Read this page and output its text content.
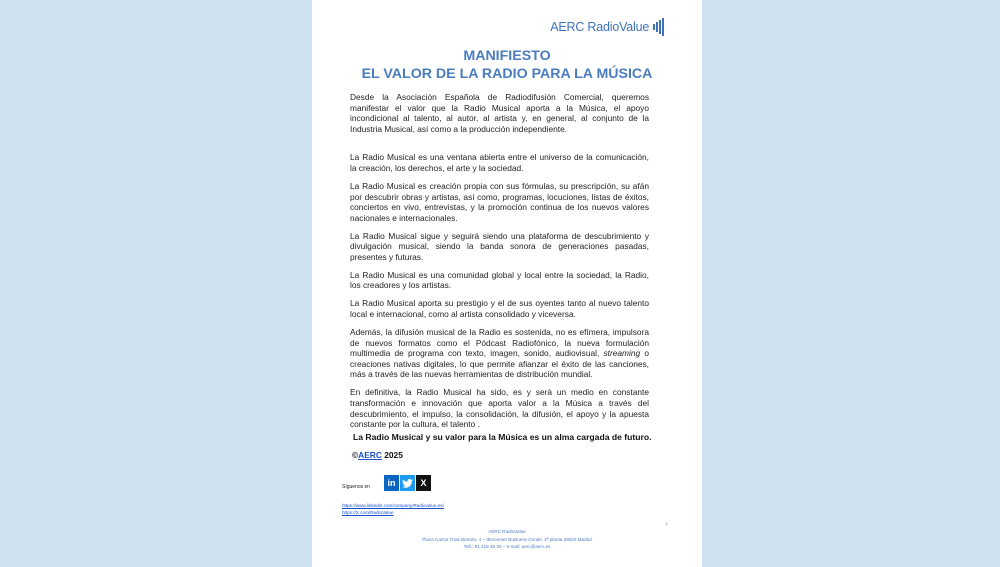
AERC RadioValue
MANIFIESTO
EL VALOR DE LA RADIO PARA LA MÚSICA

Desde la Asociación Española de Radiodifusión Comercial, queremos manifestar el valor que la Radio Musical aporta a la Música, el apoyo incondicional al talento, al autor, al artista y, en general, al conjunto de la Industria Musical, así como a la producción independiente.

La Radio Musical es una ventana abierta entre el universo de la comunicación, la creación, los derechos, el arte y la sociedad.

La Radio Musical es creación propia con sus fórmulas, su prescripción, su afán por descubrir obras y artistas, así como, programas, locuciones, listas de éxitos, conciertos en vivo, entrevistas, y la promoción continua de los nuevos valores nacionales e internacionales.

La Radio Musical sigue y seguirá siendo una plataforma de descubrimiento y divulgación musical, siendo la banda sonora de generaciones pasadas, presentes y futuras.

La Radio Musical es una comunidad global y local entre la sociedad, la Radio, los creadores y los artistas.

La Radio Musical aporta su prestigio y el de sus oyentes tanto al nuevo talento local e internacional, como al artista consolidado y viceversa.

Además, la difusión musical de la Radio es sostenida, no es efímera, impulsora de nuevos formatos como el Pódcast Radiofónico, la nueva formulación multimedia de programa con texto, imagen, sonido, audiovisual, streaming o creaciones nativas digitales, lo que permite afianzar el éxito de las canciones, más a través de las nuevas herramientas de distribución mundial.

En definitiva, la Radio Musical ha sido, es y será un medio en constante transformación e innovación que aporta valor a la Música a través del descubrimiento, el impulso, la consolidación, la difusión, el apoyo y la apuesta constante por la cultura, el talento .

La Radio Musical y su valor para la Música es un alma cargada de futuro.
©AERC 2025
Síguenos en in	X
https://www.linkedin.com/company/Radiovalue.es/
https://X.com/RadioValue
1
AERC RadioValue
Plaza Carlos Trías Bertrán, 4 – Ibercenter Business Center, 2ª planta 28020 Madrid
Telf.: 91 418 45 20 – e-mail: aerc@aerc.es
